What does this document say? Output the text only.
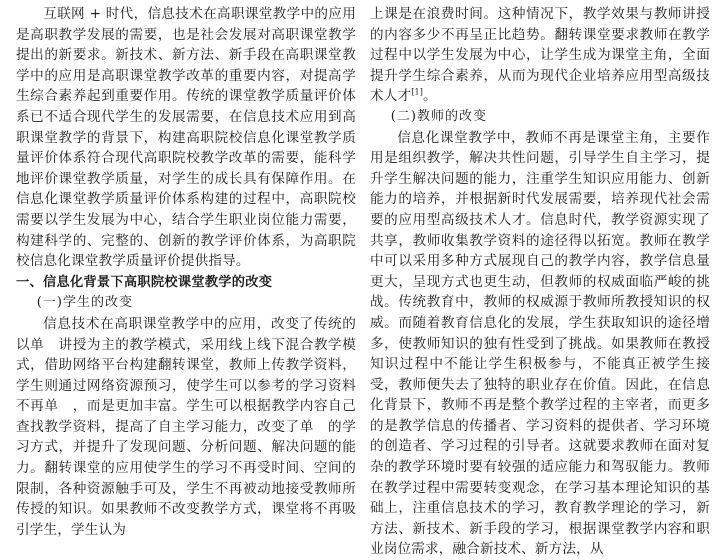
互联网 + 时代，信息技术在高职课堂教学中的应用是高职教学发展的需要，也是社会发展对高职课堂教学提出的新要求。新技术、新方法、新手段在高职课堂教学中的应用是高职课堂教学改革的重要内容，对提高学生综合素养起到重要作用。传统的课堂教学质量评价体系已不适合现代学生的发展需要，在信息技术应用到高职课堂教学的背景下，构建高职院校信息化课堂教学质量评价体系符合现代高职院校教学改革的需要，能科学地评价课堂教学质量，对学生的成长具有保障作用。在信息化课堂教学质量评价体系构建的过程中，高职院校需要以学生发展为中心，结合学生职业岗位能力需要，构建科学的、完整的、创新的教学评价体系，为高职院校信息化课堂教学质量评价提供指导。

一、信息化背景下高职院校课堂教学的改变
(一)学生的改变

信息技术在高职课堂教学中的应用，改变了传统的以单　讲授为主的教学模式，采用线上线下混合教学模式，借助网络平台构建翻转课堂，教师上传教学资料，学生则通过网络资源预习，使学生可以参考的学习资料不再单　，而是更加丰富。学生可以根据教学内容自己查找教学资料，提高了自主学习能力，改变了单　的学习方式，并提升了发现问题、分析问题、解决问题的能力。翻转课堂的应用使学生的学习不再受时间、空间的限制，各种资源触手可及，学生不再被动地接受教师所传授的知识。如果教师不改变教学方式，课堂将不再吸引学生，学生认为

上课是在浪费时间。这种情况下，教学效果与教师讲授的内容多少不再呈正比趋势。翻转课堂要求教师在教学过程中以学生发展为中心，让学生成为课堂主角，全面提升学生综合素养，从而为现代企业培养应用型高级技术人才[1]。

(二)教师的改变

信息化课堂教学中，教师不再是课堂主角，主要作用是组织教学，解决共性问题，引导学生自主学习，提升学生解决问题的能力，注重学生知识应用能力、创新能力的培养，并根据新时代发展需要，培养现代社会需要的应用型高级技术人才。信息时代，教学资源实现了共享，教师收集教学资料的途径得以拓宽。教师在教学中可以采用多种方式展现自己的教学内容，教学信息量更大，呈现方式也更生动，但教师的权威面临严峻的挑战。传统教育中，教师的权威源于教师所教授知识的权威。而随着教育信息化的发展，学生获取知识的途径增多，使教师知识的独有性受到了挑战。如果教师在教授知识过程中不能让学生积极参与，不能真正被学生接受，教师便失去了独特的职业存在价值。因此，在信息化背景下，教师不再是整个教学过程的主宰者，而更多的是教学信息的传播者、学习资料的提供者、学习环境的创造者、学习过程的引导者。这就要求教师在面对复杂的教学环境时要有较强的适应能力和驾驭能力。教师在教学过程中需要转变观念，在学习基本理论知识的基础上，注重信息技术的学习，教育教学理论的学习，新方法、新技术、新手段的学习，根据课堂教学内容和职业岗位需求，融合新技术、新方法，从
